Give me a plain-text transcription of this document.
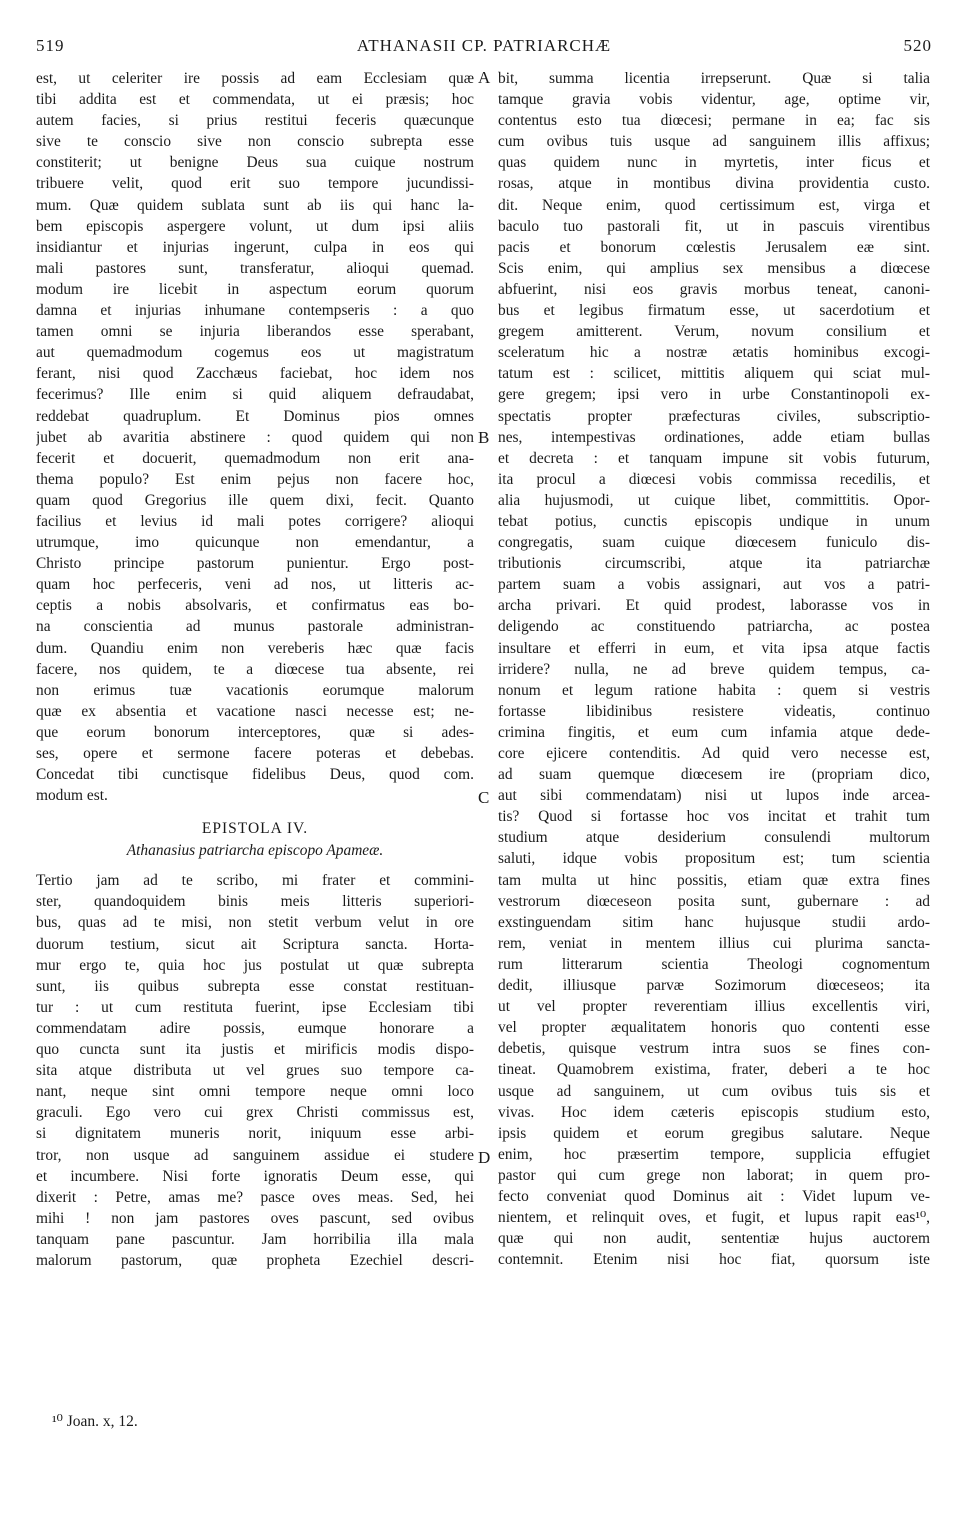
519	ATHANASII CP. PATRIARCHÆ	520
A
B
C
D
est, ut celeriter ire possis ad eam Ecclesiam quæ
tibi addita est et commendata, ut ei præsis; hoc
autem facies, si prius restitui feceris quæcunque
sive te conscio sive non conscio subrepta esse
constiterit; ut benigne Deus sua cuique nostrum
tribuere velit, quod erit suo tempore jucundissi-
mum. Quæ quidem sublata sunt ab iis qui hanc la-
bem episcopis aspergere volunt, ut dum ipsi aliis
insidiantur et injurias ingerunt, culpa in eos qui
mali pastores sunt, transferatur, alioqui quemad.
modum ire licebit in aspectum eorum quorum
damna et injurias inhumane contempseris : a quo
tamen omni se injuria liberandos esse sperabant,
aut quemadmodum cogemus eos ut magistratum
ferant, nisi quod Zacchæus faciebat, hoc idem nos
fecerimus? Ille enim si quid aliquem defraudabat,
reddebat quadruplum. Et Dominus pios omnes
jubet ab avaritia abstinere : quod quidem qui non
fecerit et docuerit, quemadmodum non erit ana-
thema populo? Est enim pejus non facere hoc,
quam quod Gregorius ille quem dixi, fecit. Quanto
facilius et levius id mali potes corrigere? alioqui
utrumque, imo quicunque non emendantur, a
Christo principe pastorum punientur. Ergo post-
quam hoc perfeceris, veni ad nos, ut litteris ac-
ceptis a nobis absolvaris, et confirmatus eas bo-
na conscientia ad munus pastorale administran-
dum. Quandiu enim non vereberis hæc quæ facis
facere, nos quidem, te a diœcese tua absente, rei
non erimus tuæ vacationis eorumque malorum
quæ ex absentia et vacatione nasci necesse est; ne-
que eorum bonorum interceptores, quæ si ades-
ses, opere et sermone facere poteras et debebas.
Concedat tibi cunctisque fidelibus Deus, quod com.
modum est.
EPISTOLA IV.
Athanasius patriarcha episcopo Apameæ.
Tertio jam ad te scribo, mi frater et commini-
ster, quandoquidem binis meis litteris superiori-
bus, quas ad te misi, non stetit verbum velut in ore
duorum testium, sicut ait Scriptura sancta. Horta-
mur ergo te, quia hoc jus postulat ut quæ subrepta
sunt, iis quibus subrepta esse constat restituan-
tur : ut cum restituta fuerint, ipse Ecclesiam tibi
commendatam adire possis, eumque honorare a
quo cuncta sunt ita justis et mirificis modis dispo-
sita atque distributa ut vel grues suo tempore ca-
nant, neque sint omni tempore neque omni loco
graculi. Ego vero cui grex Christi commissus est,
si dignitatem muneris norit, iniquum esse arbi-
tror, non usque ad sanguinem assidue ei studere
et incumbere. Nisi forte ignoratis Deum esse, qui
dixerit : Petre, amas me? pasce oves meas. Sed, hei
mihi ! non jam pastores oves pascunt, sed ovibus
tanquam pane pascuntur. Jam horribilia illa mala
malorum pastorum, quæ propheta Ezechiel descri-
bit, summa licentia irrepserunt. Quæ si talia
tamque gravia vobis videntur, age, optime vir,
contentus esto tua diœcesi; permane in ea; fac sis
cum ovibus tuis usque ad sanguinem illis affixus;
quas quidem nunc in myrtetis, inter ficus et
rosas, atque in montibus divina providentia custo.
dit. Neque enim, quod certissimum est, virga et
baculo tuo pastorali fit, ut in pascuis virentibus
pacis et bonorum cœlestis Jerusalem eæ sint.
Scis enim, qui amplius sex mensibus a diœcese
abfuerint, nisi eos gravis morbus teneat, canoni-
bus et legibus firmatum esse, ut sacerdotium et
gregem amitterent. Verum, novum consilium et
sceleratum hic a nostræ ætatis hominibus excogi-
tatum est : scilicet, mittitis aliquem qui sciat mul-
gere gregem; ipsi vero in urbe Constantinopoli ex-
spectatis propter præfecturas civiles, subscriptio-
nes, intempestivas ordinationes, adde etiam bullas
et decreta : et tanquam impune sit vobis futurum,
ita procul a diœcesi vobis commissa recedilis, et
alia hujusmodi, ut cuique libet, committitis. Opor-
tebat potius, cunctis episcopis undique in unum
congregatis, suam cuique diœcesem funiculo dis-
tributionis circumscribi, atque ita patriarchæ
partem suam a vobis assignari, aut vos a patri-
archa privari. Et quid prodest, laborasse vos in
deligendo ac constituendo patriarcha, ac postea
insultare et efferri in eum, et vita ipsa atque factis
irridere? nulla, ne ad breve quidem tempus, ca-
nonum et legum ratione habita : quem si vestris
fortasse libidinibus resistere videatis, continuo
crimina fingitis, et eum cum infamia atque dede-
core ejicere contenditis. Ad quid vero necesse est,
ad suam quemque diœcesem ire (propriam dico,
aut sibi commendatam) nisi ut lupos inde arcea-
tis? Quod si fortasse hoc vos incitat et trahit tum
studium atque desiderium consulendi multorum
saluti, idque vobis propositum est; tum scientia
tam multa ut hinc possitis, etiam quæ extra fines
vestrorum diœceseon posita sunt, gubernare : ad
exstinguendam sitim hanc hujusque studii ardo-
rem, veniat in mentem illius cui plurima sancta-
rum litterarum scientia Theologi cognomentum
dedit, illiusque parvæ Sozimorum diœceseos; ita
ut vel propter reverentiam illius excellentis viri,
vel propter æqualitatem honoris quo contenti esse
debetis, quisque vestrum intra suos se fines con-
tineat. Quamobrem existima, frater, deberi a te hoc
usque ad sanguinem, ut cum ovibus tuis sis et
vivas. Hoc idem cæteris episcopis studium esto,
ipsis quidem et eorum gregibus salutare. Neque
enim, hoc præsertim tempore, supplicia effugiet
pastor qui cum grege non laborat; in quem pro-
fecto conveniat quod Dominus ait : Videt lupum ve-
nientem, et relinquit oves, et fugit, et lupus rapit eas¹⁰,
quæ qui non audit, sententiæ hujus auctorem
contemnit. Etenim nisi hoc fiat, quorsum iste
¹⁰ Joan. x, 12.
